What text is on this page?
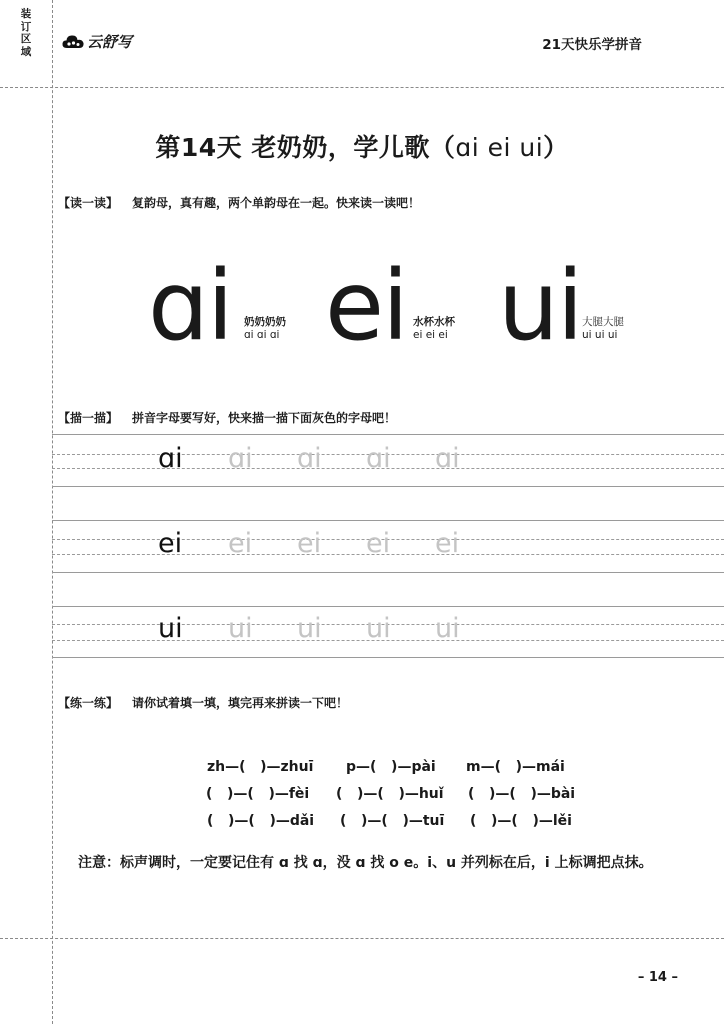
装订区域
云舒写	21天快乐学拼音
第14天 老奶奶，学儿歌（ɑi ei ui）
【读一读】 复韵母，真有趣，两个单韵母在一起。快来读一读吧！
ɑi 奶奶奶奶
ɑi ɑi ɑi ei 水杯水杯
ei ei ei ui 大腿大腿
ui ui ui
【描一描】 拼音字母要写好，快来描一描下面灰色的字母吧！
ɑi ɑi ɑi ɑi ɑi
ei ei ei ei ei
ui ui ui ui ui
【练一练】 请你试着填一填，填完再来拼读一下吧！
zh—(   )—zhuī p—(   )—pài m—(   )—mái
(   )—(   )—fèi (   )—(   )—huǐ (   )—(   )—bài
(   )—(   )—dǎi (   )—(   )—tuī (   )—(   )—lěi
注意：标声调时，一定要记住有 ɑ 找 ɑ，没 ɑ 找 o e。i、u 并列标在后，i 上标调把点抹。
– 14 –
